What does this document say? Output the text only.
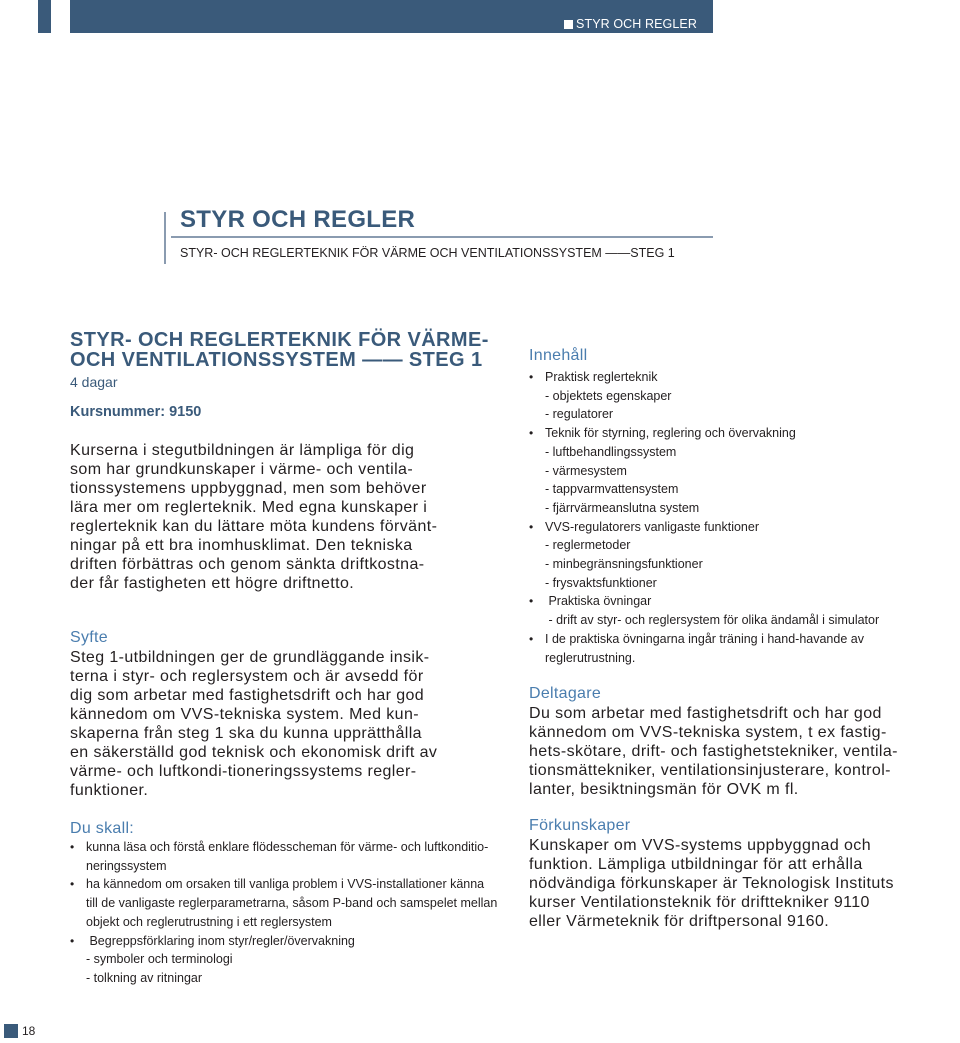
STYR OCH REGLER
STYR OCH REGLER
STYR- OCH REGLERTEKNIK FÖR VÄRME OCH VENTILATIONSSYSTEM ——STEG 1
STYR- OCH REGLERTEKNIK FÖR VÄRME-
OCH VENTILATIONSSYSTEM —— STEG 1
4 dagar
Kursnummer: 9150
Kurserna i stegutbildningen är lämpliga för dig
som har grundkunskaper i värme- och ventila-
tionssystemens uppbyggnad, men som behöver
lära mer om reglerteknik. Med egna kunskaper i
reglerteknik kan du lättare möta kundens förvänt-
ningar på ett bra inomhusklimat. Den tekniska
driften förbättras och genom sänkta driftkostna-
der får fastigheten ett högre driftnetto.
Syfte
Steg 1-utbildningen ger de grundläggande insik-
terna i styr- och reglersystem och är avsedd för
dig som arbetar med fastighetsdrift och har god
kännedom om VVS-tekniska system. Med kun-
skaperna från steg 1 ska du kunna upprätthålla
en säkerställd god teknisk och ekonomisk drift av
värme- och luftkondi-tioneringssystems regler-
funktioner.
Du skall:
• kunna läsa och förstå enklare flödesscheman för värme- och luftkonditio-
neringssystem
• ha kännedom om orsaken till vanliga problem i VVS-installationer känna
till de vanligaste reglerparametrarna, såsom P-band och samspelet mellan
objekt och reglerutrustning i ett reglersystem
• Begreppsförklaring inom styr/regler/övervakning
- symboler och terminologi
- tolkning av ritningar
Innehåll
• Praktisk reglerteknik
- objektets egenskaper
- regulatorer
• Teknik för styrning, reglering och övervakning
- luftbehandlingssystem
- värmesystem
- tappvarmvattensystem
- fjärrvärmeanslutna system
• VVS-regulatorers vanligaste funktioner
- reglermetoder
- minbegränsningsfunktioner
- frysvaktsfunktioner
• Praktiska övningar
- drift av styr- och reglersystem för olika ändamål i simulator
• I de praktiska övningarna ingår träning i hand-havande av
reglerutrustning.
Deltagare
Du som arbetar med fastighetsdrift och har god
kännedom om VVS-tekniska system, t ex fastig-
hets-skötare, drift- och fastighetstekniker, ventila-
tionsmättekniker, ventilationsinjusterare, kontrol-
lanter, besiktningsmän för OVK m fl.
Förkunskaper
Kunskaper om VVS-systems uppbyggnad och
funktion. Lämpliga utbildningar för att erhålla
nödvändiga förkunskaper är Teknologisk Instituts
kurser Ventilationsteknik för drifttekniker 9110
eller Värmeteknik för driftpersonal 9160.
18
